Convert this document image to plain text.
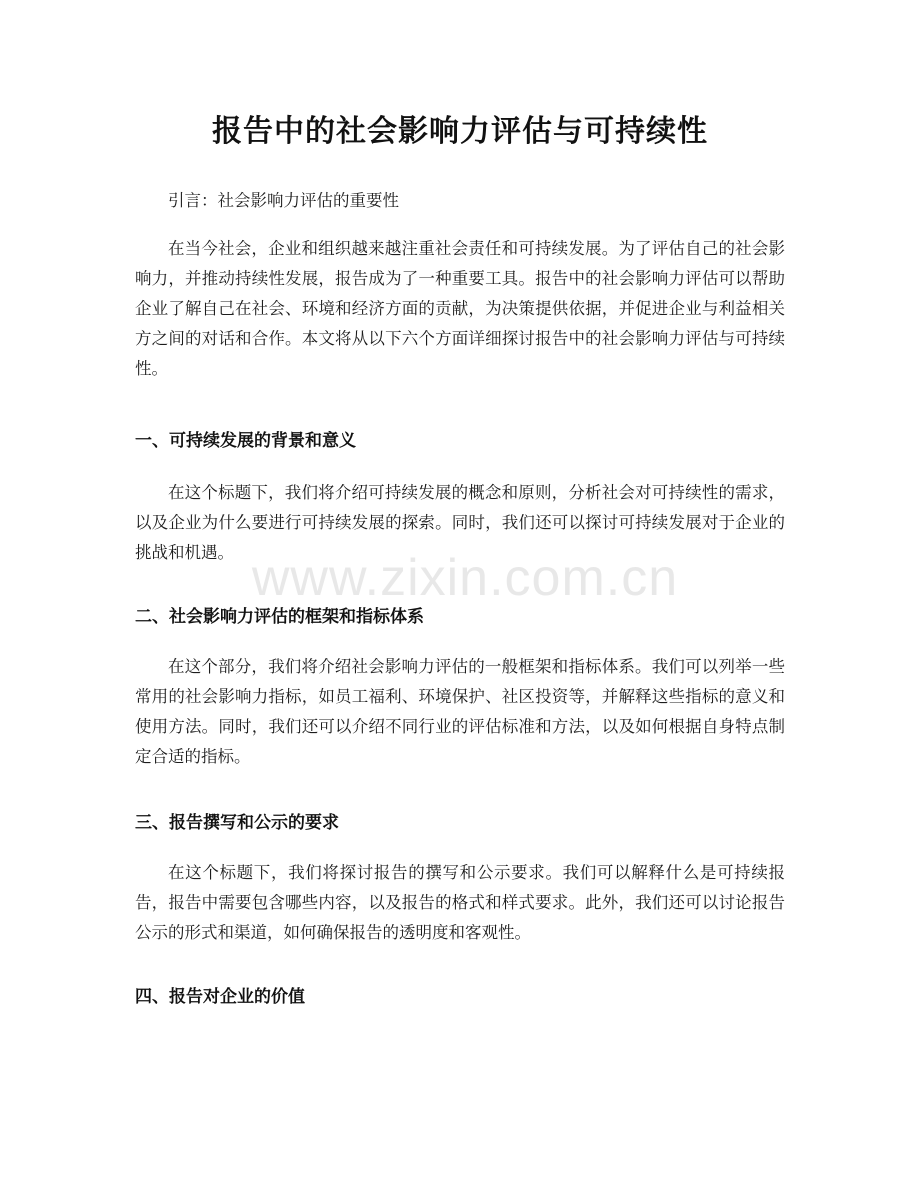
报告中的社会影响力评估与可持续性
引言：社会影响力评估的重要性
在当今社会，企业和组织越来越注重社会责任和可持续发展。为了评估自己的社会影响力，并推动持续性发展，报告成为了一种重要工具。报告中的社会影响力评估可以帮助企业了解自己在社会、环境和经济方面的贡献，为决策提供依据，并促进企业与利益相关方之间的对话和合作。本文将从以下六个方面详细探讨报告中的社会影响力评估与可持续性。
一、可持续发展的背景和意义
在这个标题下，我们将介绍可持续发展的概念和原则，分析社会对可持续性的需求，以及企业为什么要进行可持续发展的探索。同时，我们还可以探讨可持续发展对于企业的挑战和机遇。
二、社会影响力评估的框架和指标体系
在这个部分，我们将介绍社会影响力评估的一般框架和指标体系。我们可以列举一些常用的社会影响力指标，如员工福利、环境保护、社区投资等，并解释这些指标的意义和使用方法。同时，我们还可以介绍不同行业的评估标准和方法，以及如何根据自身特点制定合适的指标。
三、报告撰写和公示的要求
在这个标题下，我们将探讨报告的撰写和公示要求。我们可以解释什么是可持续报告，报告中需要包含哪些内容，以及报告的格式和样式要求。此外，我们还可以讨论报告公示的形式和渠道，如何确保报告的透明度和客观性。
四、报告对企业的价值
www.zixin.com.cn
